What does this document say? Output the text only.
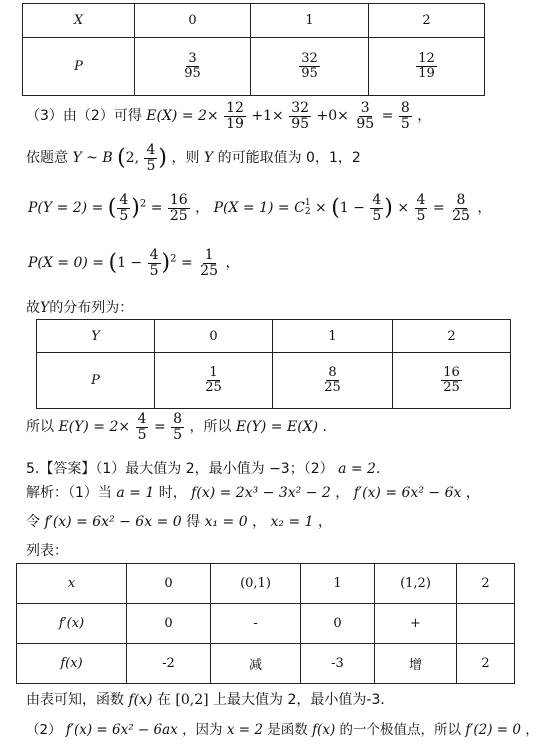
X	0	1	2
P	$\frac{3}{95}$	$\frac{32}{95}$	$\frac{12}{19}$
（3）由（2）可得 $E(X) = 2\times \frac{12}{19} +1\times \frac{32}{95} +0\times \frac{3}{95} = \frac{8}{5}$ ，
依题意 Y ~ B (2, $\frac{4}{5}$ ) ，则 Y 的可能取值为 0，1，2
P(Y = 2) = ( $\frac{4}{5} )^2 = \frac{16}{25}$ ， P(X = 1) = C 1
$2 \times (1 - \frac{4}{5}$ ) × $\frac{4}{5} = \frac{8}{25}$ ，
$P(X = 0) = (1 - \frac{4}{5} )^2 = \frac{1}{25}$ ，
故Y的分布列为：
Y	0	1	2
P	$\frac{1}{25}$	$\frac{8}{25}$	$\frac{16}{25}$
所以 $E(Y) = 2\times \frac{4}{5} = \frac{8}{5}$ ，所以 E(Y) = E(X) ．
5.【答案】（1）最大值为 2，最小值为 −3；（2） a = 2．
解析：（1）当 a = 1 时， f(x) = 2x³ − 3x² − 2 ， f′(x) = 6x² − 6x ，
令 f′(x) = 6x² − 6x = 0 得 x₁ = 0 ， x₂ = 1 ，
列表：
x	0	(0,1)	1	(1,2)	2
f′(x)	0	-	0	+	
f(x)	-2	减	-3	增	2
由表可知，函数 f(x) 在 [0,2] 上最大值为 2，最小值为-3．
（2） f′(x) = 6x² − 6ax ，因为 x = 2 是函数 f(x) 的一个极值点，所以 f′(2) = 0 ，
